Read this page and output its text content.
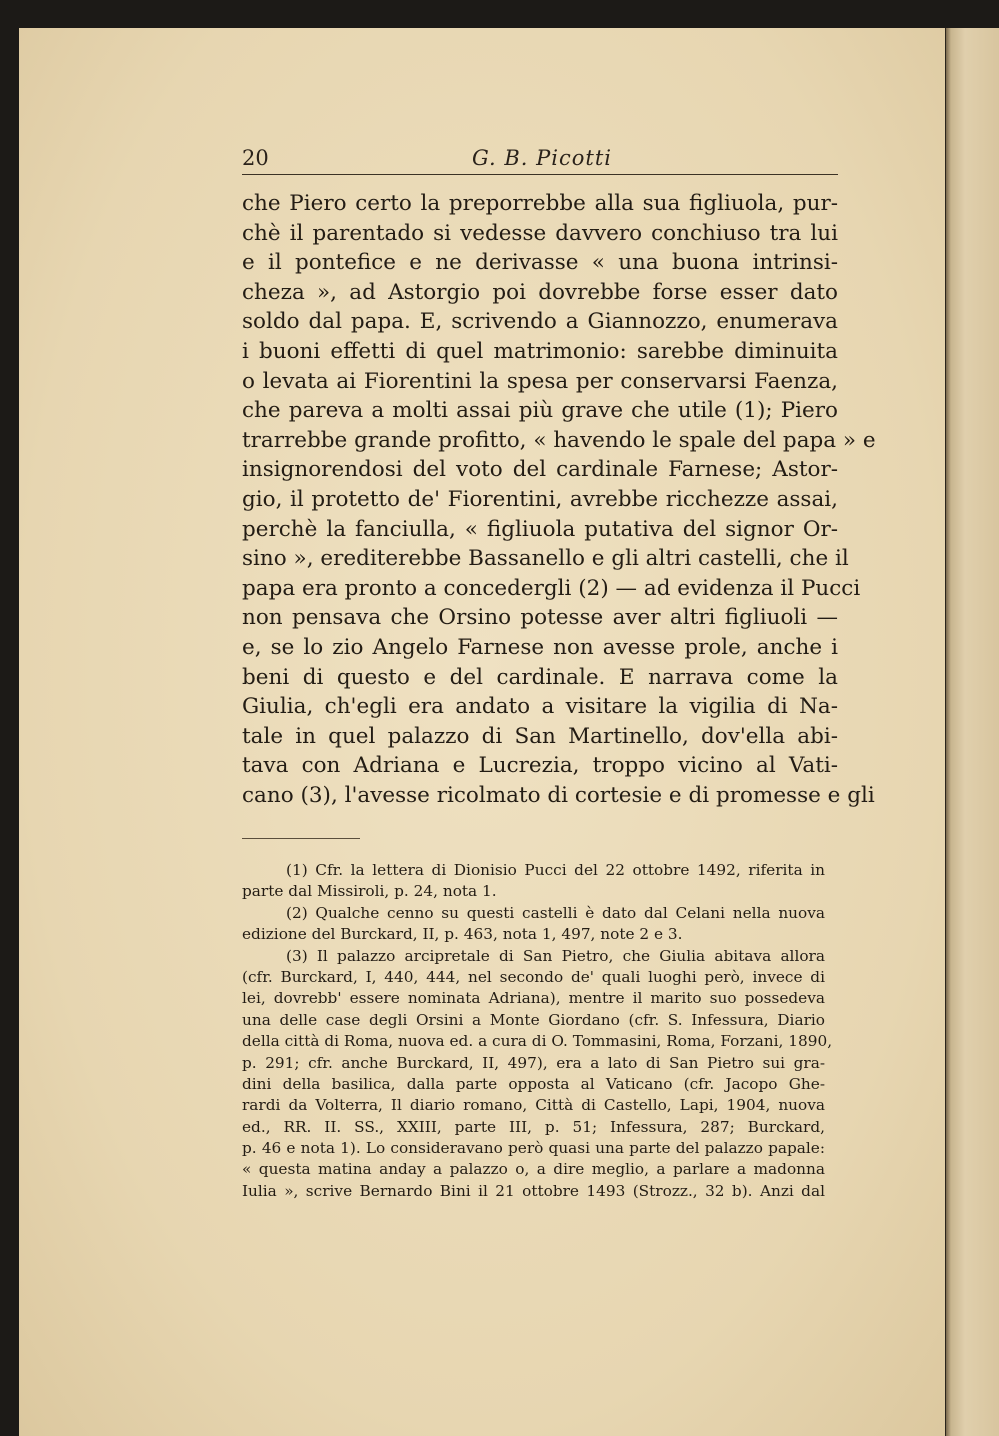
20	G. B. Picotti
che Piero certo la preporrebbe alla sua figliuola, pur-
chè il parentado si vedesse davvero conchiuso tra lui
e il pontefice e ne derivasse « una buona intrinsi-
cheza », ad Astorgio poi dovrebbe forse esser dato
soldo dal papa. E, scrivendo a Giannozzo, enumerava
i buoni effetti di quel matrimonio: sarebbe diminuita
o levata ai Fiorentini la spesa per conservarsi Faenza,
che pareva a molti assai più grave che utile (1); Piero
trarrebbe grande profitto, « havendo le spale del papa » e
insignorendosi del voto del cardinale Farnese; Astor-
gio, il protetto de' Fiorentini, avrebbe ricchezze assai,
perchè la fanciulla, « figliuola putativa del signor Or-
sino », erediterebbe Bassanello e gli altri castelli, che il
papa era pronto a concedergli (2) — ad evidenza il Pucci
non pensava che Orsino potesse aver altri figliuoli —
e, se lo zio Angelo Farnese non avesse prole, anche i
beni di questo e del cardinale. E narrava come la
Giulia, ch'egli era andato a visitare la vigilia di Na-
tale in quel palazzo di San Martinello, dov'ella abi-
tava con Adriana e Lucrezia, troppo vicino al Vati-
cano (3), l'avesse ricolmato di cortesie e di promesse e gli
(1) Cfr. la lettera di Dionisio Pucci del 22 ottobre 1492, riferita in
parte dal Missiroli, p. 24, nota 1.
(2) Qualche cenno su questi castelli è dato dal Celani nella nuova
edizione del Burckard, II, p. 463, nota 1, 497, note 2 e 3.
(3) Il palazzo arcipretale di San Pietro, che Giulia abitava allora
(cfr. Burckard, I, 440, 444, nel secondo de' quali luoghi però, invece di
lei, dovrebb' essere nominata Adriana), mentre il marito suo possedeva
una delle case degli Orsini a Monte Giordano (cfr. S. Infessura, Diario
della città di Roma, nuova ed. a cura di O. Tommasini, Roma, Forzani, 1890,
p. 291; cfr. anche Burckard, II, 497), era a lato di San Pietro sui gra-
dini della basilica, dalla parte opposta al Vaticano (cfr. Jacopo Ghe-
rardi da Volterra, Il diario romano, Città di Castello, Lapi, 1904, nuova
ed., RR. II. SS., XXIII, parte III, p. 51; Infessura, 287; Burckard,
p. 46 e nota 1). Lo consideravano però quasi una parte del palazzo papale:
« questa matina anday a palazzo o, a dire meglio, a parlare a madonna
Iulia », scrive Bernardo Bini il 21 ottobre 1493 (Strozz., 32 b). Anzi dal
